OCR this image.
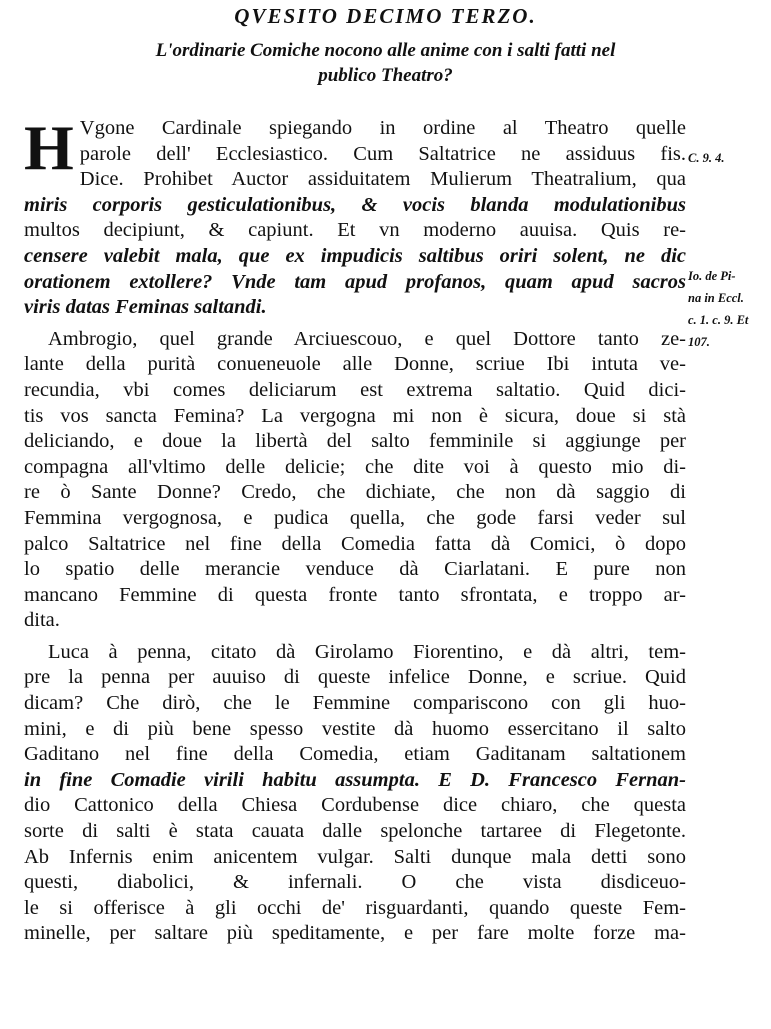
QVESITO DECIMO TERZO.
L'ordinarie Comiche nocono alle anime con i salti fatti nel
publico Theatro?
H Vgone Cardinale spiegando in ordine al Theatro quelle
parole dell' Ecclesiastico. Cum Saltatrice ne assiduus fis.
Dice. Prohibet Auctor assiduitatem Mulierum Theatralium, qua
miris corporis gesticulationibus, & vocis blanda modulationibus
multos decipiunt, & capiunt. Et vn moderno auuisa. Quis re-
censere valebit mala, que ex impudicis saltibus oriri solent, ne dic
orationem extollere? Vnde tam apud profanos, quam apud sacros
viris datas Feminas saltandi.
Ambrogio, quel grande Arciuescouo, e quel Dottore tanto ze-
lante della purità conueneuole alle Donne, scriue Ibi intuta ve-
recundia, vbi comes deliciarum est extrema saltatio. Quid dici-
tis vos sancta Femina? La vergogna mi non è sicura, doue si stà
deliciando, e doue la libertà del salto femminile si aggiunge per
compagna all'vltimo delle delicie; che dite voi à questo mio di-
re ò Sante Donne? Credo, che dichiate, che non dà saggio di
Femmina vergognosa, e pudica quella, che gode farsi veder sul
palco Saltatrice nel fine della Comedia fatta dà Comici, ò dopo
lo spatio delle merancie venduce dà Ciarlatani. E pure non
mancano Femmine di questa fronte tanto sfrontata, e troppo ar-
dita.
Luca à penna, citato dà Girolamo Fiorentino, e dà altri, tem-
pre la penna per auuiso di queste infelice Donne, e scriue. Quid
dicam? Che dirò, che le Femmine compariscono con gli huo-
mini, e di più bene spesso vestite dà huomo essercitano il salto
Gaditano nel fine della Comedia, etiam Gaditanam saltationem
in fine Comadie virili habitu assumpta. E D. Francesco Fernan-
dio Cattonico della Chiesa Cordubense dice chiaro, che questa
sorte di salti è stata cauata dalle spelonche tartaree di Flegetonte.
Ab Infernis enim anicentem vulgar. Salti dunque mala detti sono
questi, diabolici, & infernali. O che vista disdiceuo-
le si offerisce à gli occhi de' risguardanti, quando queste Fem-
minelle, per saltare più speditamente, e per fare molte forze ma-
C. 9. 4.
Io. de Pi-
na in Eccl.
c. 1. c. 9. Et
107.
